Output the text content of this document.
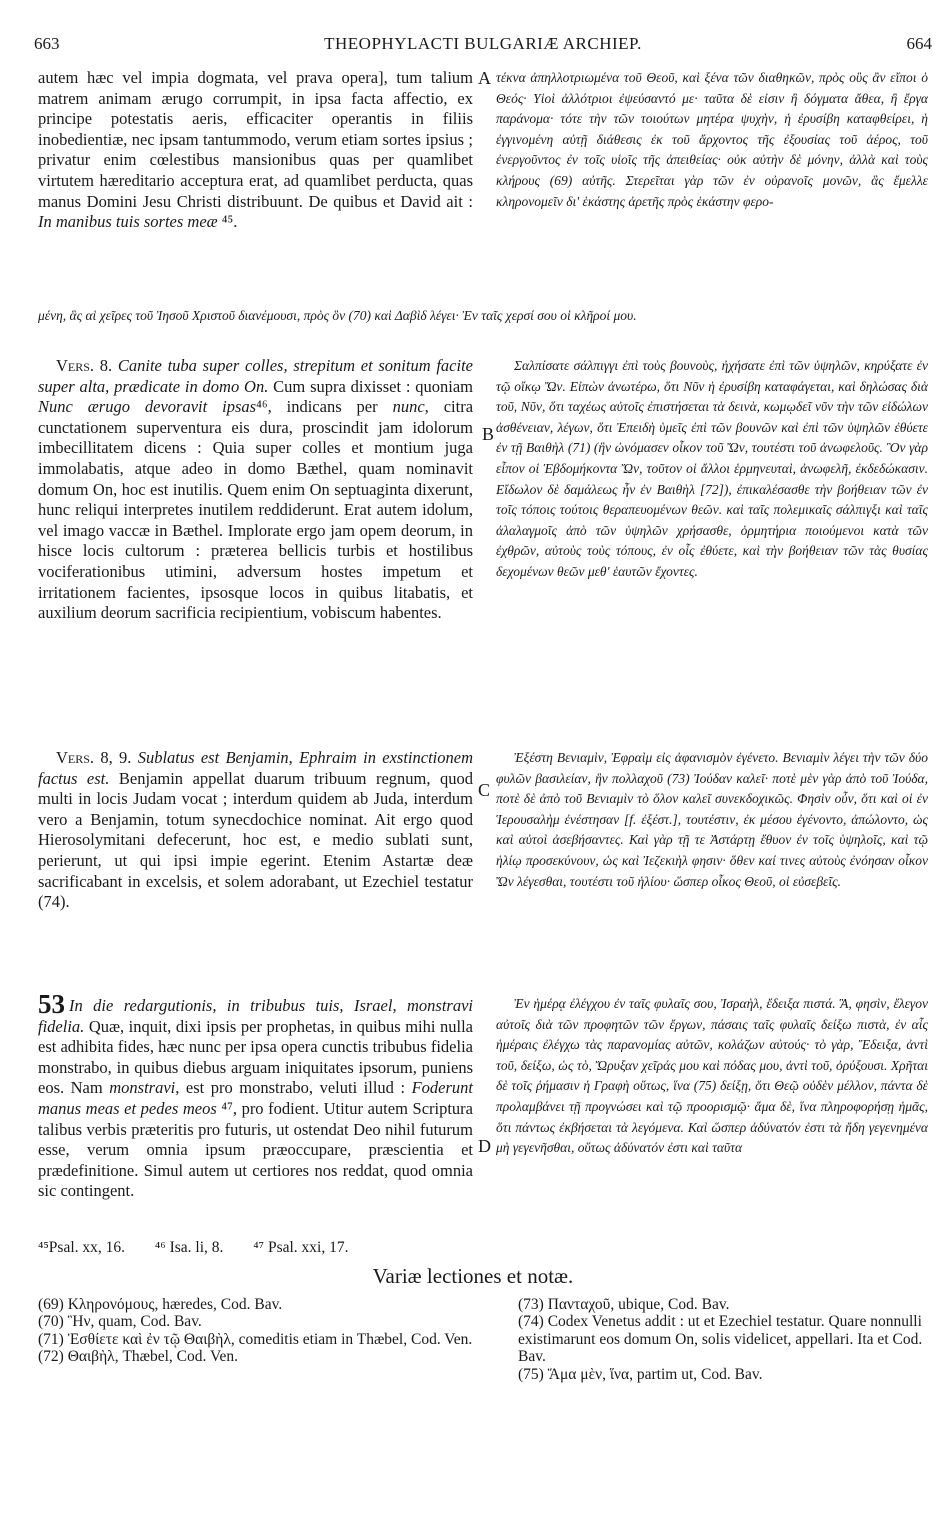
663	THEOPHYLACTI BULGARIÆ ARCHIEP.	664

autem hæc vel impia dogmata, vel prava opera], tum talium matrem animam ærugo corrumpit, in ipsa facta affectio, ex principe potestatis aeris, efficaciter operantis in filiis inobedientiæ, nec ipsam tantummodo, verum etiam sortes ipsius ; privatur enim cœlestibus mansionibus quas per quamlibet virtutem hæreditario acceptura erat, ad quamlibet perducta, quas manus Domini Jesu Christi distribuunt. De quibus et David ait : In manibus tuis sortes meæ ⁴⁵.

Vers. 8. Canite tuba super colles, strepitum et sonitum facite super alta, prædicate in domo On. Cum supra dixisset : quoniam Nunc ærugo devoravit ipsas⁴⁶, indicans per nunc, citra cunctationem superventura eis dura, proscindit jam idolorum imbecillitatem dicens : Quia super colles et montium juga immolabatis, atque adeo in domo Bæthel, quam nominavit domum On, hoc est inutilis. Quem enim On septuaginta dixerunt, hunc reliqui interpretes inutilem reddiderunt. Erat autem idolum, vel imago vaccæ in Bæthel. Implorate ergo jam opem deorum, in hisce locis cultorum : præterea bellicis turbis et hostilibus vociferationibus utimini, adversum hostes impetum et irritationem facientes, ipsosque locos in quibus litabatis, et auxilium deorum sacrificia recipientium, vobiscum habentes.

Vers. 8, 9. Sublatus est Benjamin, Ephraim in exstinctionem factus est. Benjamin appellat duarum tribuum regnum, quod multi in locis Judam vocat ; interdum quidem ab Juda, interdum vero a Benjamin, totum synecdochice nominat. Ait ergo quod Hierosolymitani defecerunt, hoc est, e medio sublati sunt, perierunt, ut qui ipsi impie egerint. Etenim Astartæ deæ sacrificabant in excelsis, et solem adorabant, ut Ezechiel testatur (74).

53 In die redargutionis, in tribubus tuis, Israel, monstravi fidelia. Quæ, inquit, dixi ipsis per prophetas, in quibus mihi nulla est adhibita fides, hæc nunc per ipsa opera cunctis tribubus fidelia monstrabo, in quibus diebus arguam iniquitates ipsorum, puniens eos. Nam monstravi, est pro monstrabo, veluti illud : Foderunt manus meas et pedes meos ⁴⁷, pro fodient. Utitur autem Scriptura talibus verbis præteritis pro futuris, ut ostendat Deo nihil futurum esse, verum omnia ipsum præoccupare, præscientia et prædefinitione. Simul autem ut certiores nos reddat, quod omnia sic contingent.

τέκνα ἀπηλλοτριωμένα τοῦ Θεοῦ, καὶ ξένα τῶν διαθηκῶν, πρὸς οὓς ἂν εἴποι ὁ Θεός· Υἱοὶ ἀλλότριοι ἐψεύσαντό με· ταῦτα δὲ εἰσιν ἢ δόγματα ἄθεα, ἢ ἔργα παράνομα· τότε τὴν τῶν τοιούτων μητέρα ψυχὴν, ἡ ἐρυσίβη καταφθείρει, ἡ ἐγγινομένη αὐτῇ διάθεσις ἐκ τοῦ ἄρχοντος τῆς ἐξουσίας τοῦ ἀέρος, τοῦ ἐνεργοῦντος ἐν τοῖς υἱοῖς τῆς ἀπειθείας· οὐκ αὐτὴν δὲ μόνην, ἀλλὰ καὶ τοὺς κλήρους (69) αὐτῆς. Στερεῖται γὰρ τῶν ἐν οὐρανοῖς μονῶν, ἃς ἔμελλε κληρονομεῖν δι' ἑκάστης ἀρετῆς πρὸς ἑκάστην φερο-

μένη, ἃς αἱ χεῖρες τοῦ Ἰησοῦ Χριστοῦ διανέμουσι, πρὸς ὃν (70) καὶ Δαβὶδ λέγει· Ἐν ταῖς χερσί σου οἱ κλῆροί μου.

Σαλπίσατε σάλπιγγι ἐπὶ τοὺς βουνοὺς, ἠχήσατε ἐπὶ τῶν ὑψηλῶν, κηρύξατε ἐν τῷ οἴκῳ Ὤν. Εἰπὼν ἀνωτέρω, ὅτι Νῦν ἡ ἐρυσίβη καταφάγεται, καὶ δηλώσας διὰ τοῦ, Νῦν, ὅτι ταχέως αὐτοῖς ἐπιστήσεται τὰ δεινὰ, κωμῳδεῖ νῦν τὴν τῶν εἰδώλων ἀσθένειαν, λέγων, ὅτι Ἐπειδὴ ὑμεῖς ἐπὶ τῶν βουνῶν καὶ ἐπὶ τῶν ὑψηλῶν ἐθύετε ἐν τῇ Βαιθὴλ (71) (ἣν ὠνόμασεν οἶκον τοῦ Ὤν, τουτέστι τοῦ ἀνωφελοῦς. Ὃν γὰρ εἶπον οἱ Ἑβδομήκοντα Ὤν, τοῦτον οἱ ἄλλοι ἑρμηνευταὶ, ἀνωφελῆ, ἐκδεδώκασιν. Εἴδωλον δὲ δαμάλεως ἦν ἐν Βαιθὴλ [72]), ἐπικαλέσασθε τὴν βοήθειαν τῶν ἐν τοῖς τόποις τούτοις θεραπευομένων θεῶν. καὶ ταῖς πολεμικαῖς σάλπιγξι καὶ ταῖς ἀλαλαγμοῖς ἀπὸ τῶν ὑψηλῶν χρήσασθε, ὁρμητήρια ποιούμενοι κατὰ τῶν ἐχθρῶν, αὐτοὺς τοὺς τόπους, ἐν οἷς ἐθύετε, καὶ τὴν βοήθειαν τῶν τὰς θυσίας δεχομένων θεῶν μεθ' ἑαυτῶν ἔχοντες.

Ἐξέστη Βενιαμὶν, Ἐφραὶμ εἰς ἀφανισμὸν ἐγένετο. Βενιαμὶν λέγει τὴν τῶν δύο φυλῶν βασιλείαν, ἣν πολλαχοῦ (73) Ἰούδαν καλεῖ· ποτὲ μὲν γὰρ ἀπὸ τοῦ Ἰούδα, ποτὲ δὲ ἀπὸ τοῦ Βενιαμὶν τὸ ὅλον καλεῖ συνεκδοχικῶς. Φησὶν οὖν, ὅτι καὶ οἱ ἐν Ἱερουσαλὴμ ἐνέστησαν [f. ἐξέστ.], τουτέστιν, ἐκ μέσου ἐγένοντο, ἀπώλοντο, ὡς καὶ αὐτοὶ ἀσεβήσαντες. Καὶ γὰρ τῇ τε Ἀστάρτῃ ἔθυον ἐν τοῖς ὑψηλοῖς, καὶ τῷ ἡλίῳ προσεκύνουν, ὡς καὶ Ἰεζεκιὴλ φησιν· ὅθεν καί τινες αὐτοὺς ἐνόησαν οἶκον Ὤν λέγεσθαι, τουτέστι τοῦ ἡλίου· ὥσπερ οἶκος Θεοῦ, οἱ εὐσεβεῖς.

Ἐν ἡμέρᾳ ἐλέγχου ἐν ταῖς φυλαῖς σου, Ἰσραὴλ, ἔδειξα πιστά. Ἃ, φησὶν, ἔλεγον αὐτοῖς διὰ τῶν προφητῶν τῶν ἔργων, πάσαις ταῖς φυλαῖς δείξω πιστὰ, ἐν αἷς ἡμέραις ἐλέγχω τὰς παρανομίας αὐτῶν, κολάζων αὐτούς· τὸ γὰρ, Ἔδειξα, ἀντὶ τοῦ, δείξω, ὡς τὸ, Ὤρυξαν χεῖράς μου καὶ πόδας μου, ἀντὶ τοῦ, ὀρύξουσι. Χρῆται δὲ τοῖς ῥήμασιν ἡ Γραφὴ οὕτως, ἵνα (75) δείξῃ, ὅτι Θεῷ οὐδὲν μέλλον, πάντα δὲ προλαμβάνει τῇ προγνώσει καὶ τῷ προορισμῷ· ἅμα δὲ, ἵνα πληροφορήσῃ ἡμᾶς, ὅτι πάντως ἐκβήσεται τὰ λεγόμενα. Καὶ ὥσπερ ἀδύνατόν ἐστι τὰ ἤδη γεγενημένα μὴ γεγενῆσθαι, οὕτως ἀδύνατόν ἐστι καὶ ταῦτα

A
B
C
D
⁴⁵Psal. xx, 16. ⁴⁶ Isa. li, 8. ⁴⁷ Psal. xxi, 17.
Variæ lectiones et notæ.

(69) Κληρονόμους, hæredes, Cod. Bav.

(70) Ἣν, quam, Cod. Bav.

(71) Ἐσθίετε καὶ ἐν τῷ Θαιβὴλ, comeditis etiam in Thæbel, Cod. Ven.

(72) Θαιβὴλ, Thæbel, Cod. Ven.

(73) Πανταχοῦ, ubique, Cod. Bav.

(74) Codex Venetus addit : ut et Ezechiel testatur. Quare nonnulli existimarunt eos domum On, solis videlicet, appellari. Ita et Cod. Bav.

(75) Ἅμα μὲν, ἵνα, partim ut, Cod. Bav.
